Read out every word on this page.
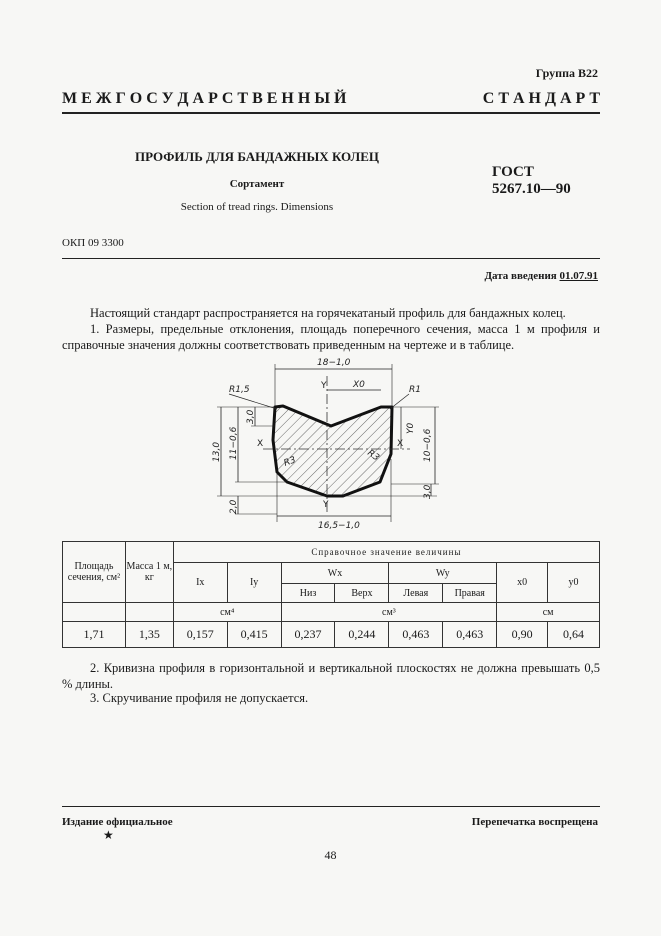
Группа В22
М Е Ж Г О С У Д А Р С Т В Е Н Н Ы Й	С Т А Н Д А Р Т
ПРОФИЛЬ ДЛЯ БАНДАЖНЫХ КОЛЕЦ
Сортамент
Section of tread rings. Dimensions
ГОСТ
5267.10—90
ОКП 09 3300
Дата введения 01.07.91
Настоящий стандарт распространяется на горячекатаный профиль для бандажных колец.
1. Размеры, предельные отклонения, площадь поперечного сечения, масса 1 м профиля и справочные значения должны соответствовать приведенным на чертеже и в таблице.
18−1,0
X0
Y
16,5−1,0
Y
R1,5	R1
R3	R3
X	X
Y0
10−0,6
3,0
13,0 11−0,6
3,0
2,0
Площадь сечения, см²	Масса 1 м, кг	Справочное значение величины							
		Ix	Iy	Wx		Wy		x0	y0
				Низ	Верх	Левая	Правая		
		см⁴		см³				см	
1,71	1,35	0,157	0,415	0,237	0,244	0,463	0,463	0,90	0,64
2. Кривизна профиля в горизонтальной и вертикальной плоскостях не должна превышать 0,5 % длины.
3. Скручивание профиля не допускается.
Издание официальное	Перепечатка воспрещена
★
48
